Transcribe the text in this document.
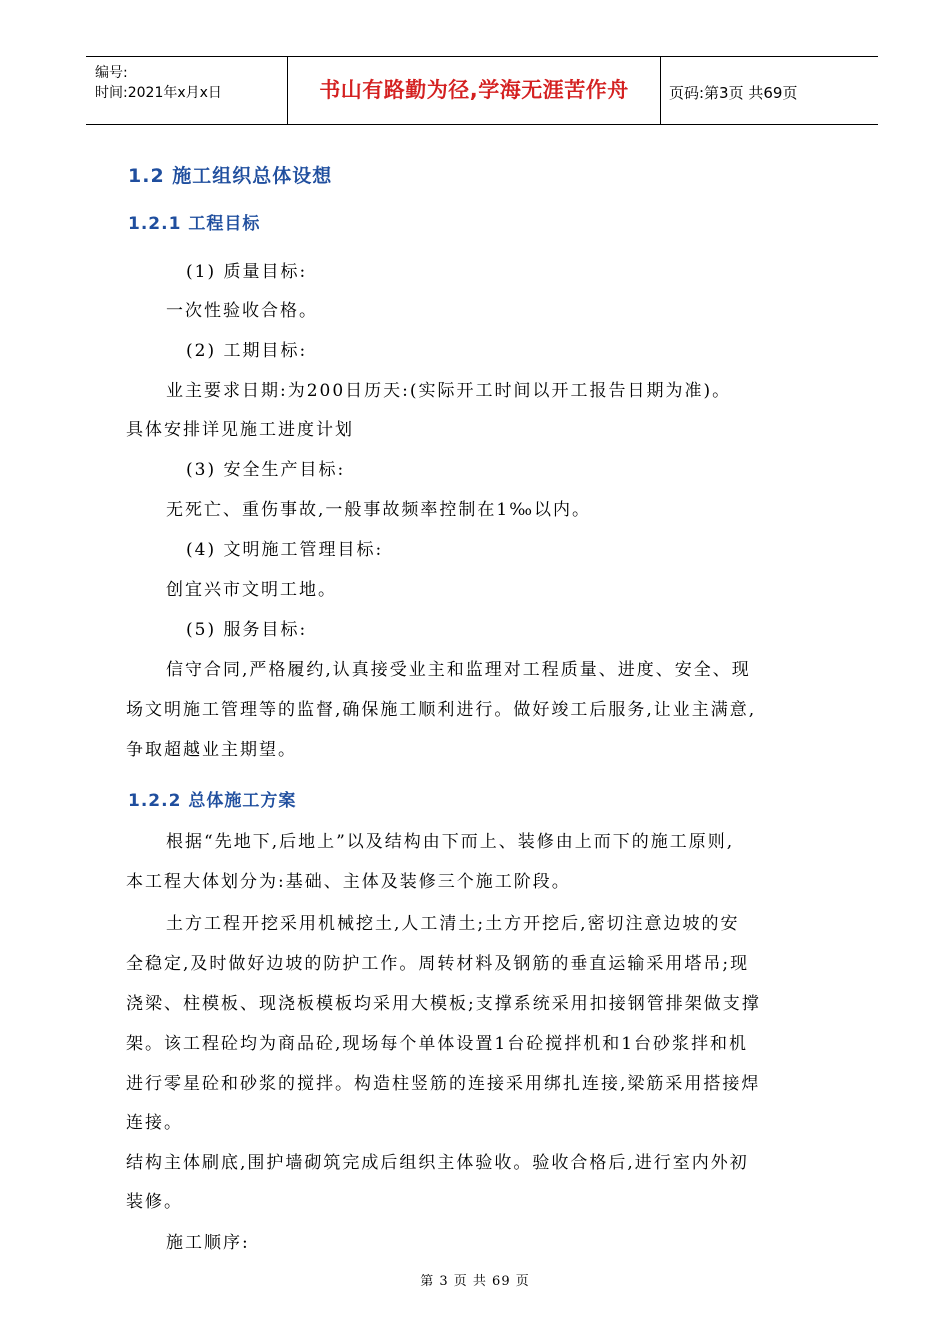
编号:
时间:2021年x月x日	书山有路勤为径,学海无涯苦作舟	页码:第3页 共69页
1.2 施工组织总体设想
1.2.1 工程目标
(1) 质量目标:
一次性验收合格。
(2) 工期目标:
业主要求日期:为200日历天:(实际开工时间以开工报告日期为准)。
具体安排详见施工进度计划
(3) 安全生产目标:
无死亡、重伤事故,一般事故频率控制在1‰以内。
(4) 文明施工管理目标:
创宜兴市文明工地。
(5) 服务目标:
信守合同,严格履约,认真接受业主和监理对工程质量、进度、安全、现
场文明施工管理等的监督,确保施工顺利进行。做好竣工后服务,让业主满意,
争取超越业主期望。
1.2.2 总体施工方案
根据“先地下,后地上”以及结构由下而上、装修由上而下的施工原则,
本工程大体划分为:基础、主体及装修三个施工阶段。
土方工程开挖采用机械挖土,人工清土;土方开挖后,密切注意边坡的安
全稳定,及时做好边坡的防护工作。周转材料及钢筋的垂直运输采用塔吊;现
浇梁、柱模板、现浇板模板均采用大模板;支撑系统采用扣接钢管排架做支撑
架。该工程砼均为商品砼,现场每个单体设置1台砼搅拌机和1台砂浆拌和机
进行零星砼和砂浆的搅拌。构造柱竖筋的连接采用绑扎连接,梁筋采用搭接焊
连接。
结构主体刷底,围护墙砌筑完成后组织主体验收。验收合格后,进行室内外初
装修。
施工顺序:
第 3 页 共 69 页
